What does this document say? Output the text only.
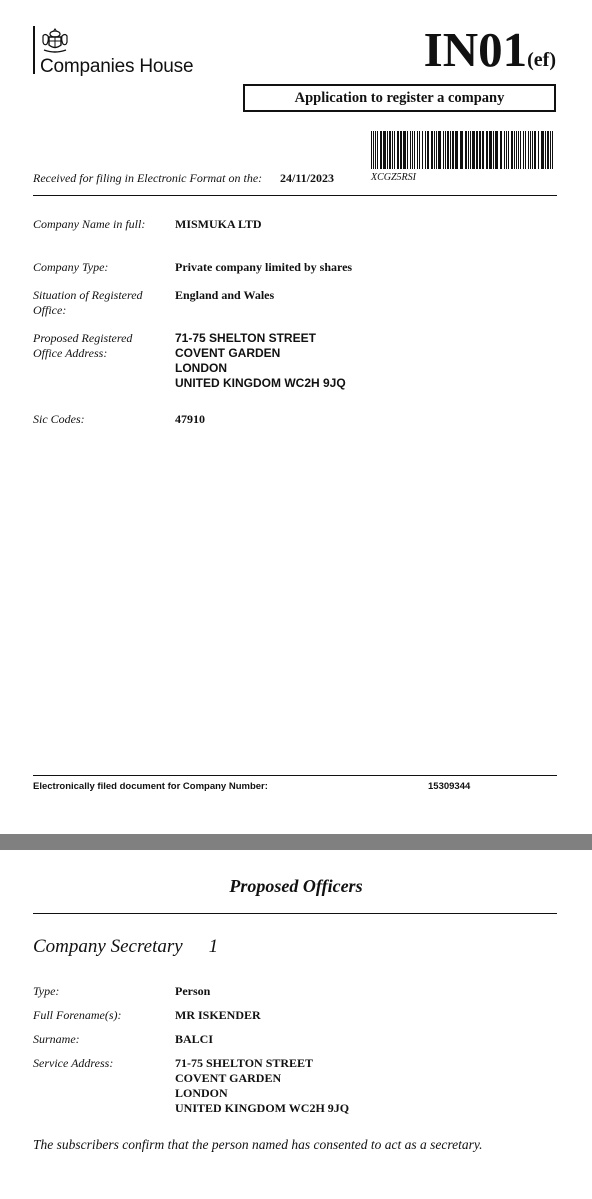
Companies House	IN01(ef)
Application to register a company
Received for filing in Electronic Format on the: 24/11/2023	XCGZ5RSI
Company Name in full:	MISMUKA LTD
Company Type:	Private company limited by shares
Situation of Registered Office:
England and Wales
Proposed Registered Office Address:
71-75 SHELTON STREET
COVENT GARDEN
LONDON
UNITED KINGDOM WC2H 9JQ
Sic Codes:	47910
Electronically filed document for Company Number:	15309344
Proposed Officers
Company Secretary 1
Type:	Person
Full Forename(s):	MR ISKENDER
Surname:	BALCI
Service Address:	71-75 SHELTON STREET
COVENT GARDEN
LONDON
UNITED KINGDOM WC2H 9JQ
The subscribers confirm that the person named has consented to act as a secretary.
